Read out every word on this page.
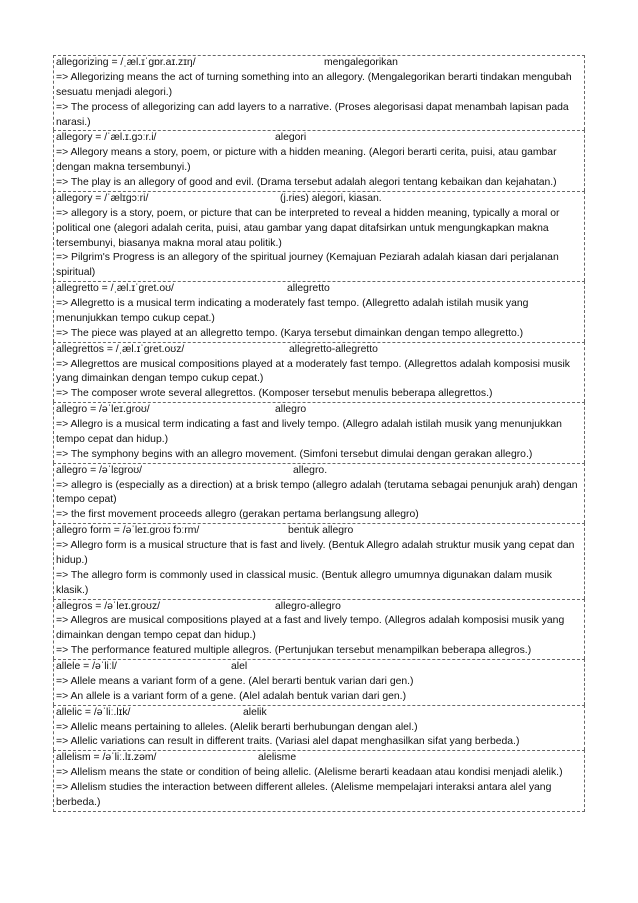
allegorizing = /ˌæl.ɪˈɡɒr.aɪ.zɪŋ/	mengalegorikan
=> Allegorizing means the act of turning something into an allegory. (Mengalegorikan berarti tindakan mengubah sesuatu menjadi alegori.)
=> The process of allegorizing can add layers to a narrative. (Proses alegorisasi dapat menambah lapisan pada narasi.)
allegory = /ˈæl.ɪ.ɡɔːr.i/	alegori
=> Allegory means a story, poem, or picture with a hidden meaning. (Alegori berarti cerita, puisi, atau gambar dengan makna tersembunyi.)
=> The play is an allegory of good and evil. (Drama tersebut adalah alegori tentang kebaikan dan kejahatan.)
allegory = /ˈælɪɡɔːri/	(j.ries) alegori, kiasan.
=> allegory is a story, poem, or picture that can be interpreted to reveal a hidden meaning, typically a moral or political one (alegori adalah cerita, puisi, atau gambar yang dapat ditafsirkan untuk mengungkapkan makna tersembunyi, biasanya makna moral atau politik.)
=> Pilgrim's Progress is an allegory of the spiritual journey (Kemajuan Peziarah adalah kiasan dari perjalanan spiritual)
allegretto = /ˌæl.ɪˈɡret.oʊ/	allegretto
=> Allegretto is a musical term indicating a moderately fast tempo. (Allegretto adalah istilah musik yang menunjukkan tempo cukup cepat.)
=> The piece was played at an allegretto tempo. (Karya tersebut dimainkan dengan tempo allegretto.)
allegrettos = /ˌæl.ɪˈɡret.oʊz/	allegretto-allegretto
=> Allegrettos are musical compositions played at a moderately fast tempo. (Allegrettos adalah komposisi musik yang dimainkan dengan tempo cukup cepat.)
=> The composer wrote several allegrettos. (Komposer tersebut menulis beberapa allegrettos.)
allegro = /əˈleɪ.ɡroʊ/	allegro
=> Allegro is a musical term indicating a fast and lively tempo. (Allegro adalah istilah musik yang menunjukkan tempo cepat dan hidup.)
=> The symphony begins with an allegro movement. (Simfoni tersebut dimulai dengan gerakan allegro.)
allegro = /əˈlɛɡroʊ/	allegro.
=> allegro is (especially as a direction) at a brisk tempo (allegro adalah (terutama sebagai penunjuk arah) dengan tempo cepat)
=> the first movement proceeds allegro (gerakan pertama berlangsung allegro)
allegro form = /əˈleɪ.ɡroʊ fɔːrm/	bentuk allegro
=> Allegro form is a musical structure that is fast and lively. (Bentuk Allegro adalah struktur musik yang cepat dan hidup.)
=> The allegro form is commonly used in classical music. (Bentuk allegro umumnya digunakan dalam musik klasik.)
allegros = /əˈleɪ.ɡroʊz/	allegro-allegro
=> Allegros are musical compositions played at a fast and lively tempo. (Allegros adalah komposisi musik yang dimainkan dengan tempo cepat dan hidup.)
=> The performance featured multiple allegros. (Pertunjukan tersebut menampilkan beberapa allegros.)
allele = /əˈliːl/	alel
=> Allele means a variant form of a gene. (Alel berarti bentuk varian dari gen.)
=> An allele is a variant form of a gene. (Alel adalah bentuk varian dari gen.)
allelic = /əˈliː.lɪk/	alelik
=> Allelic means pertaining to alleles. (Alelik berarti berhubungan dengan alel.)
=> Allelic variations can result in different traits. (Variasi alel dapat menghasilkan sifat yang berbeda.)
allelism = /əˈliː.lɪ.zəm/	alelisme
=> Allelism means the state or condition of being allelic. (Alelisme berarti keadaan atau kondisi menjadi alelik.)
=> Allelism studies the interaction between different alleles. (Alelisme mempelajari interaksi antara alel yang berbeda.)
